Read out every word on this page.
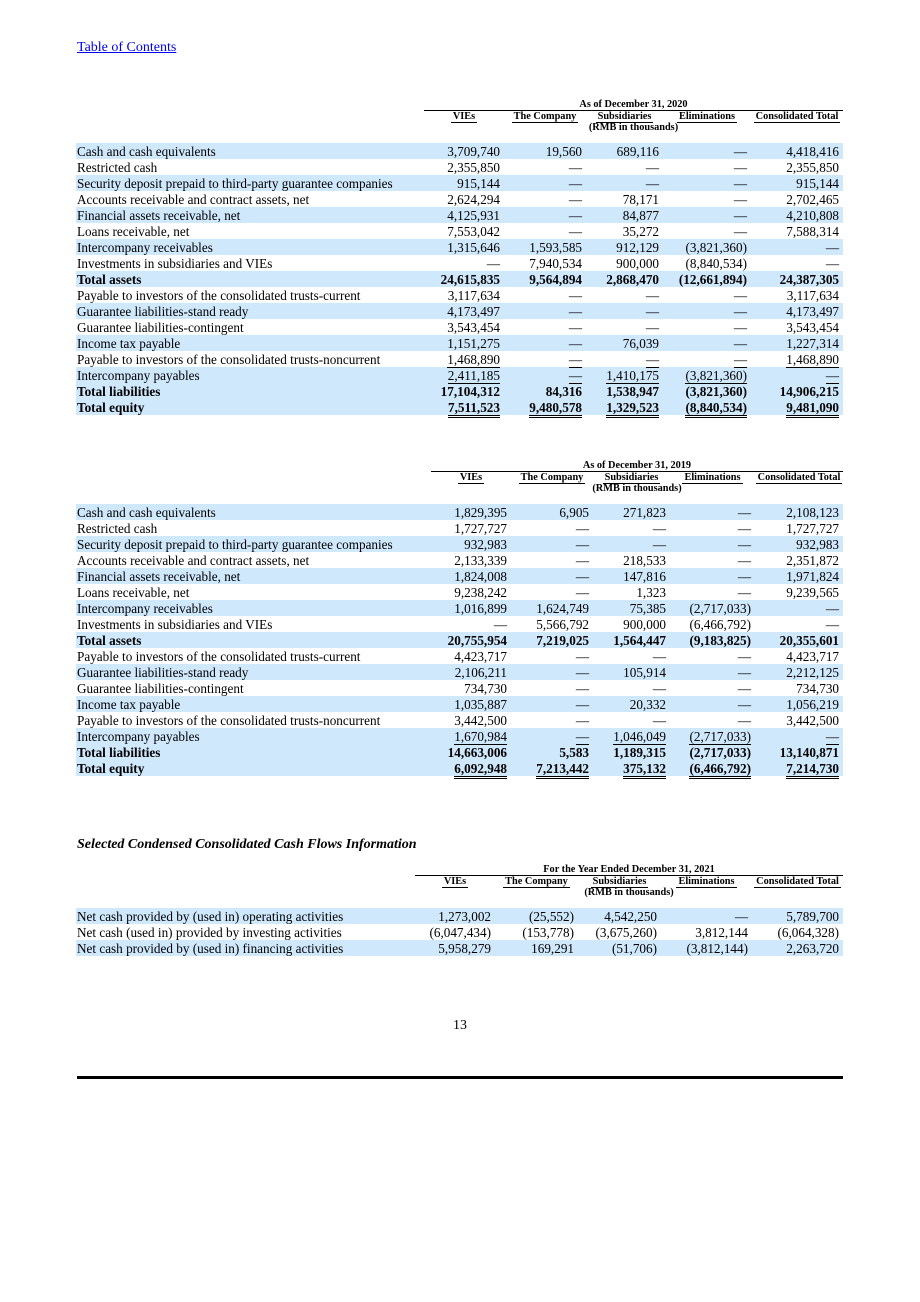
Table of Contents
	As of December 31, 2020				
	VIEs	The Company	Subsidiaries	Eliminations	Consolidated Total
	(RMB in thousands)				

Cash and cash equivalents	3,709,740	19,560	689,116	—	4,418,416
Restricted cash	2,355,850	—	—	—	2,355,850
Security deposit prepaid to third-party guarantee companies	915,144	—	—	—	915,144
Accounts receivable and contract assets, net	2,624,294	—	78,171	—	2,702,465
Financial assets receivable, net	4,125,931	—	84,877	—	4,210,808
Loans receivable, net	7,553,042	—	35,272	—	7,588,314
Intercompany receivables	1,315,646	1,593,585	912,129	(3,821,360)	—
Investments in subsidiaries and VIEs	—	7,940,534	900,000	(8,840,534)	—
Total assets	24,615,835	9,564,894	2,868,470	(12,661,894)	24,387,305
Payable to investors of the consolidated trusts-current	3,117,634	—	—	—	3,117,634
Guarantee liabilities-stand ready	4,173,497	—	—	—	4,173,497
Guarantee liabilities-contingent	3,543,454	—	—	—	3,543,454
Income tax payable	1,151,275	—	76,039	—	1,227,314
Payable to investors of the consolidated trusts-noncurrent	1,468,890	—	—	—	1,468,890
Intercompany payables	2,411,185	—	1,410,175	(3,821,360)	—
Total liabilities	17,104,312	84,316	1,538,947	(3,821,360)	14,906,215
Total equity	7,511,523	9,480,578	1,329,523	(8,840,534)	9,481,090
	As of December 31, 2019				
	VIEs	The Company	Subsidiaries	Eliminations	Consolidated Total
	(RMB in thousands)				

Cash and cash equivalents	1,829,395	6,905	271,823	—	2,108,123
Restricted cash	1,727,727	—	—	—	1,727,727
Security deposit prepaid to third-party guarantee companies	932,983	—	—	—	932,983
Accounts receivable and contract assets, net	2,133,339	—	218,533	—	2,351,872
Financial assets receivable, net	1,824,008	—	147,816	—	1,971,824
Loans receivable, net	9,238,242	—	1,323	—	9,239,565
Intercompany receivables	1,016,899	1,624,749	75,385	(2,717,033)	—
Investments in subsidiaries and VIEs	—	5,566,792	900,000	(6,466,792)	—
Total assets	20,755,954	7,219,025	1,564,447	(9,183,825)	20,355,601
Payable to investors of the consolidated trusts-current	4,423,717	—	—	—	4,423,717
Guarantee liabilities-stand ready	2,106,211	—	105,914	—	2,212,125
Guarantee liabilities-contingent	734,730	—	—	—	734,730
Income tax payable	1,035,887	—	20,332	—	1,056,219
Payable to investors of the consolidated trusts-noncurrent	3,442,500	—	—	—	3,442,500
Intercompany payables	1,670,984	—	1,046,049	(2,717,033)	—
Total liabilities	14,663,006	5,583	1,189,315	(2,717,033)	13,140,871
Total equity	6,092,948	7,213,442	375,132	(6,466,792)	7,214,730
Selected Condensed Consolidated Cash Flows Information
	For the Year Ended December 31, 2021				
	VIEs	The Company	Subsidiaries	Eliminations	Consolidated Total
	(RMB in thousands)				

Net cash provided by (used in) operating activities	1,273,002	(25,552)	4,542,250	—	5,789,700
Net cash (used in) provided by investing activities	(6,047,434)	(153,778)	(3,675,260)	3,812,144	(6,064,328)
Net cash provided by (used in) financing activities	5,958,279	169,291	(51,706)	(3,812,144)	2,263,720
13
